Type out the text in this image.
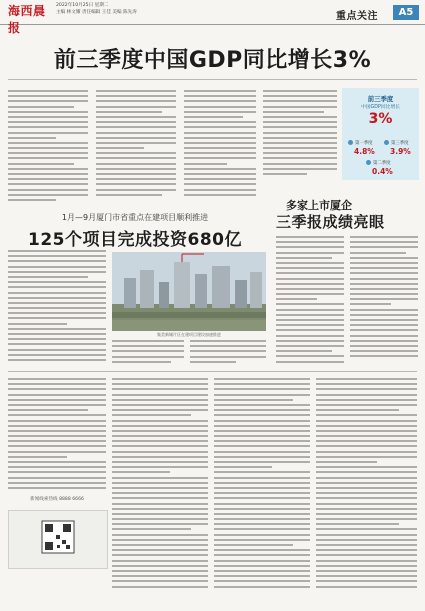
海西晨报
2022年10月25日 星期二
主编 林文耀 责任编辑 王佳 美编 陈先涛	重点关注	A5
前三季度中国GDP同比增长3%
前三季度
中国GDP同比增长
3%
第一季度
4.8%
第三季度
3.9%
第二季度
0.4%
多家上市厦企
三季报成绩亮眼
1月—9月厦门市省重点在建项目顺利推进
125个项目完成投资680亿
集美新城片区在建项目建设加速推进
新闻线索热线 8888 6666
